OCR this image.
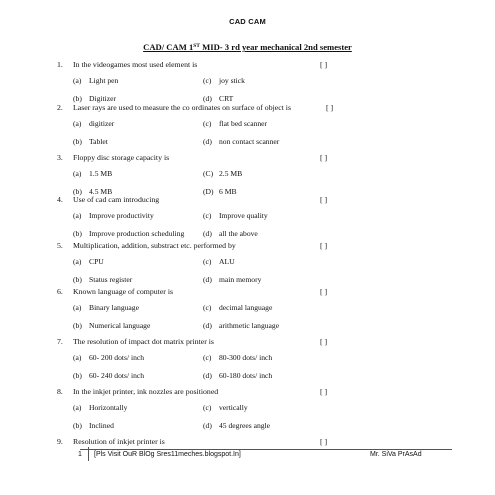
CAD CAM
CAD/ CAM 1ST MID- 3 rd year mechanical 2nd semester
1. In the videogames most used element is	[ ]
(a) Light pen	(c) joy stick
(b) Digitizer	(d) CRT
2. Laser rays are used to measure the co ordinates on surface of object is	[ ]
(a) digitizer	(c) flat bed scanner
(b) Tablet	(d) non contact scanner
3. Floppy disc storage capacity is	[ ]
(a) 1.5 MB	(C) 2.5 MB
(b) 4.5 MB	(D) 6 MB
4. Use of cad cam introducing	[ ]
(a) Improve productivity	(c) Improve quality
(b) Improve production scheduling (d) all the above
5. Multiplication, addition, substract etc. performed by	[ ]
(a) CPU	(c) ALU
(b) Status register	(d) main memory
6. Known language of computer is	[ ]
(a) Binary language	(c) decimal language
(b) Numerical language	(d) arithmetic language
7. The resolution of impact dot matrix printer is	[ ]
(a) 60- 200 dots/ inch	(c) 80-300 dots/ inch
(b) 60- 240 dots/ inch	(d) 60-180 dots/ inch
8. In the inkjet printer, ink nozzles are positioned	[ ]
(a) Horizontally	(c) vertically
(b) Inclined	(d) 45 degrees angle
9. Resolution of inkjet printer is	[ ]
1 [Pls Visit OuR BlOg Sres11meches.blogspot.In]	Mr. SiVa PrAsAd
